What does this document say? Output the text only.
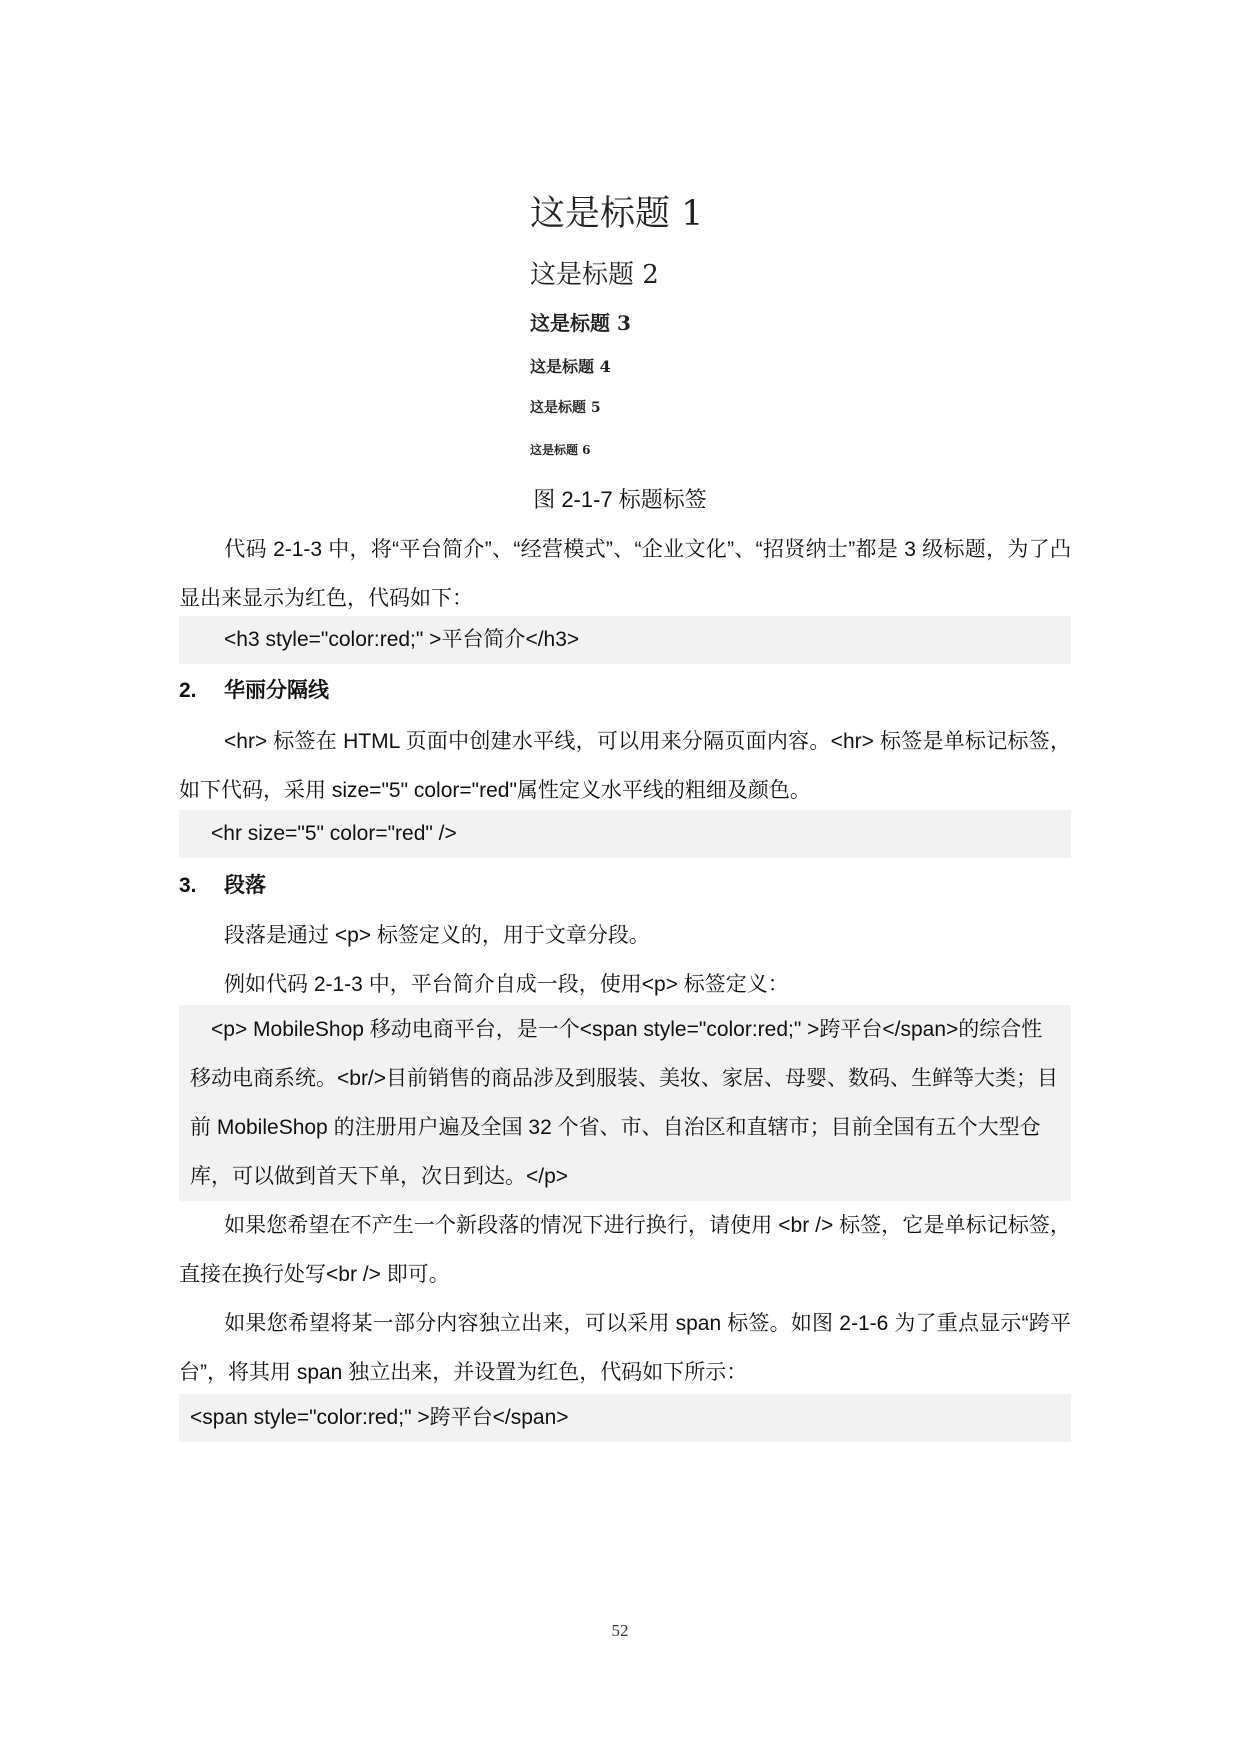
这是标题 1
这是标题 2
这是标题 3
这是标题 4
这是标题 5
这是标题 6
图 2-1-7 标题标签
代码 2-1-3 中，将“平台简介”、“经营模式”、“企业文化”、“招贤纳士”都是 3 级标题，为了凸显出来显示为红色，代码如下：
<h3 style="color:red;" >平台简介</h3>
2. 华丽分隔线
<hr> 标签在 HTML 页面中创建水平线，可以用来分隔页面内容。<hr> 标签是单标记标签，如下代码，采用 size="5" color="red"属性定义水平线的粗细及颜色。
<hr size="5" color="red" />
3. 段落
段落是通过 <p> 标签定义的，用于文章分段。
例如代码 2-1-3 中，平台简介自成一段，使用<p> 标签定义：
<p> MobileShop 移动电商平台，是一个<span style="color:red;" >跨平台</span>的综合性移动电商系统。<br/>目前销售的商品涉及到服装、美妆、家居、母婴、数码、生鲜等大类；目前 MobileShop 的注册用户遍及全国 32 个省、市、自治区和直辖市；目前全国有五个大型仓库，可以做到首天下单，次日到达。</p>
如果您希望在不产生一个新段落的情况下进行换行，请使用 <br /> 标签，它是单标记标签，直接在换行处写<br /> 即可。
如果您希望将某一部分内容独立出来，可以采用 span 标签。如图 2-1-6 为了重点显示“跨平台”，将其用 span 独立出来，并设置为红色，代码如下所示：
<span style="color:red;" >跨平台</span>
52
